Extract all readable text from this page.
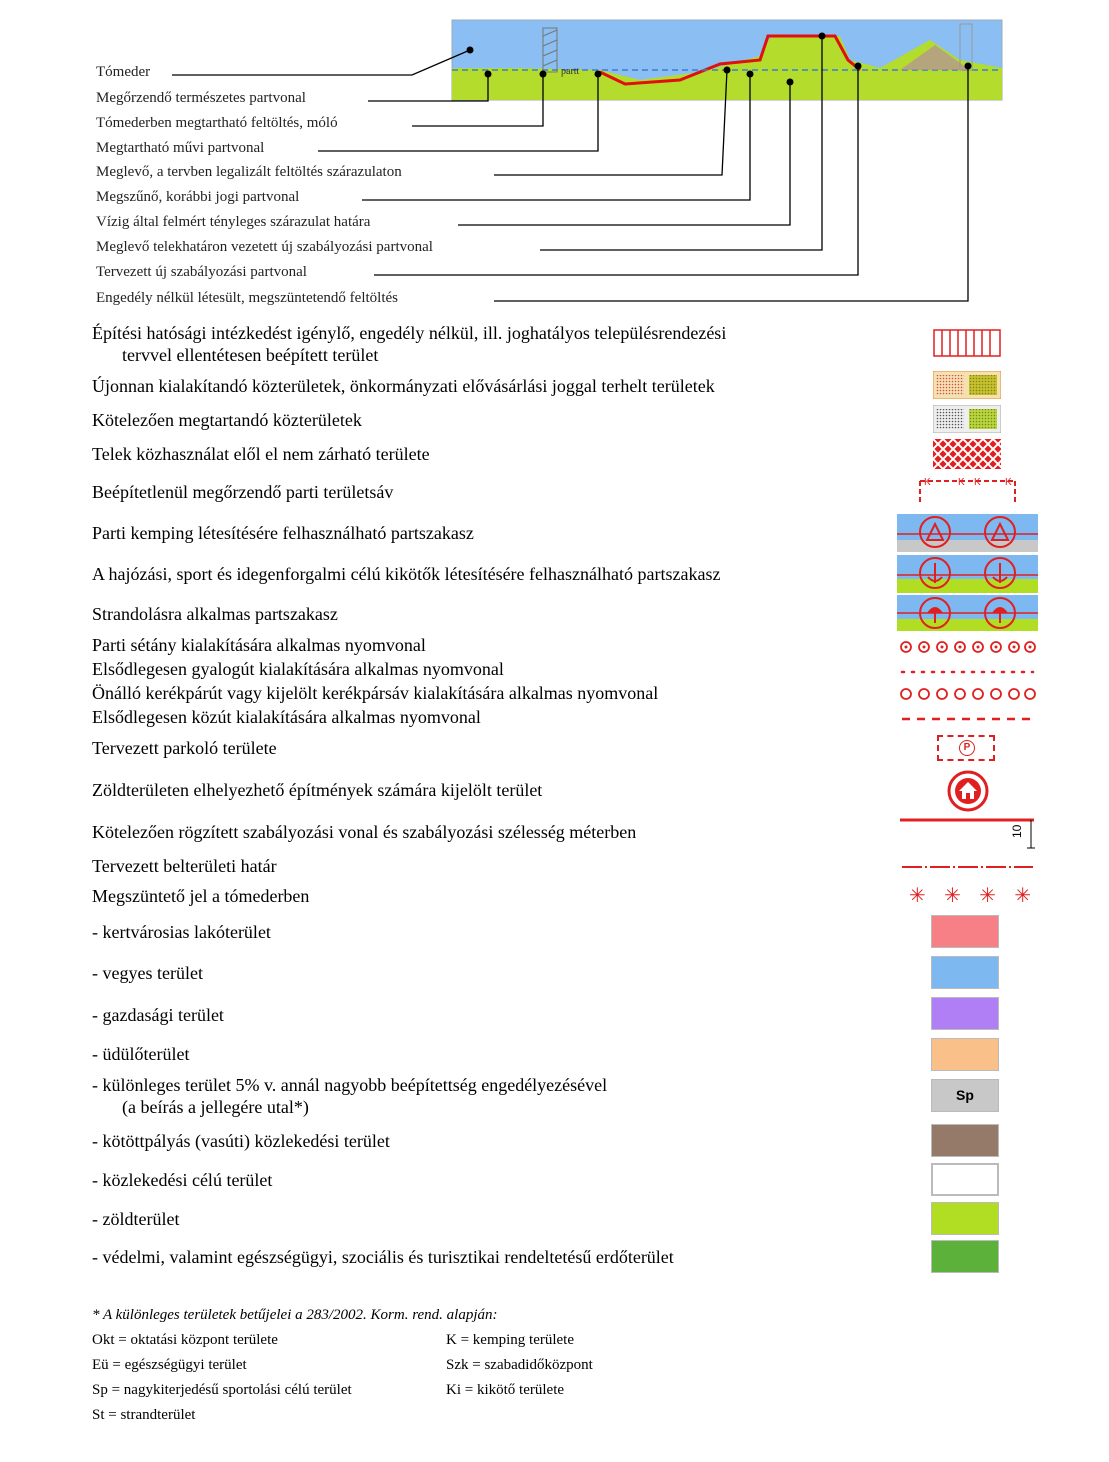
partt
Tómeder
Megőrzendő természetes partvonal
Tómederben megtartható feltöltés, móló
Megtartható művi partvonal
Meglevő, a tervben legalizált feltöltés szárazulaton
Megszűnő, korábbi jogi partvonal
Vízig által felmért tényleges szárazulat határa
Meglevő telekhatáron vezetett új szabályozási partvonal
Tervezett új szabályozási partvonal
Engedély nélkül létesült, megszüntetendő feltöltés
Építési hatósági intézkedést igénylő, engedély nélkül, ill. joghatályos településrendezési
tervvel ellentétesen beépített terület
Újonnan kialakítandó közterületek, önkormányzati elővásárlási joggal terhelt területek
Kötelezően megtartandó közterületek
Telek közhasználat elől el nem zárható területe
Beépítetlenül megőrzendő parti területsáv
Parti kemping létesítésére felhasználható partszakasz
A hajózási, sport és idegenforgalmi célú kikötők létesítésére felhasználható partszakasz
Strandolásra alkalmas partszakasz
Parti sétány kialakítására alkalmas nyomvonal
Elsődlegesen gyalogút kialakítására alkalmas nyomvonal
Önálló kerékpárút vagy kijelölt kerékpársáv kialakítására alkalmas nyomvonal
Elsődlegesen közút kialakítására alkalmas nyomvonal
Tervezett parkoló területe
Zöldterületen elhelyezhető építmények számára kijelölt terület
Kötelezően rögzített szabályozási vonal és szabályozási szélesség méterben
Tervezett belterületi határ
Megszüntető jel a tómederben
- kertvárosias lakóterület
- vegyes terület
- gazdasági terület
- üdülőterület
- különleges terület 5% v. annál nagyobb beépítettség engedélyezésével
(a beírás a jellegére utal*)
- kötöttpályás (vasúti) közlekedési terület
- közlekedési célú terület
- zöldterület
- védelmi, valamint egészségügyi, szociális és turisztikai rendeltetésű erdőterület
K	K K K
P
10
✳ ✳ ✳ ✳
Sp
* A különleges területek betűjelei a 283/2002. Korm. rend. alapján:
Okt = oktatási központ területe
Eü = egészségügyi terület
Sp = nagykiterjedésű sportolási célú terület
St = strandterület
K = kemping területe
Szk = szabadidőközpont
Ki = kikötő területe
